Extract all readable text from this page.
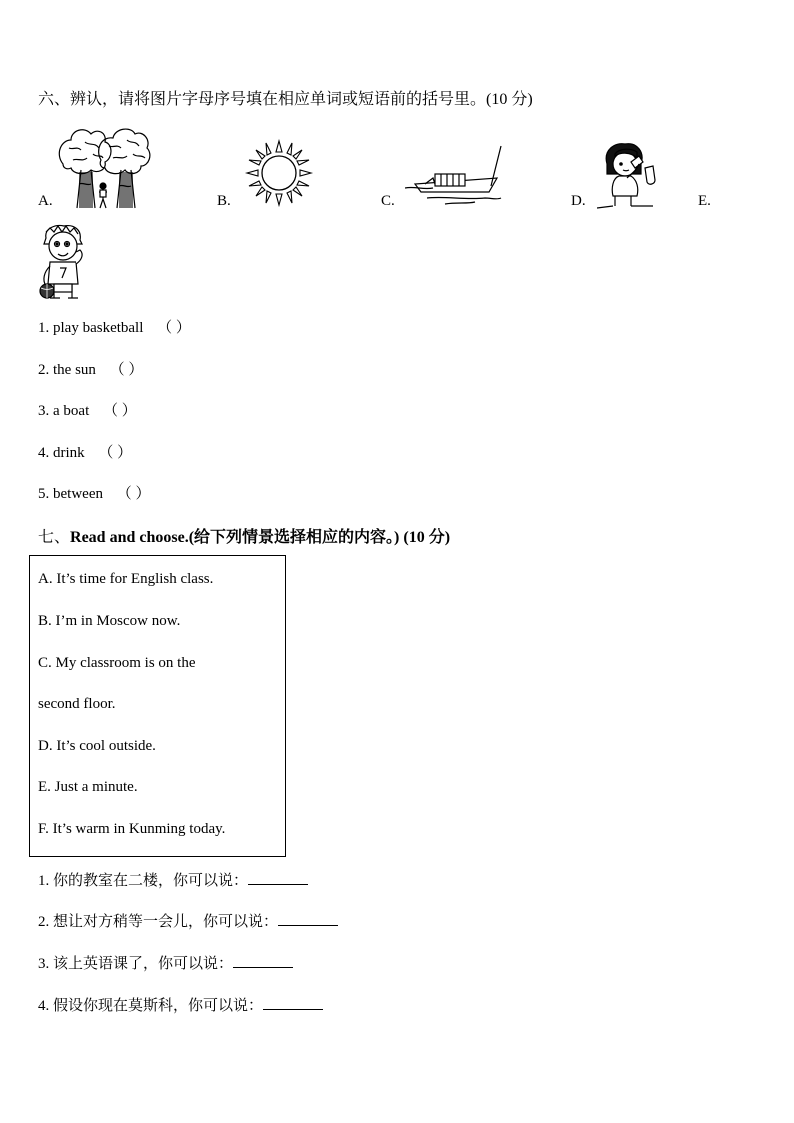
六、辨认，请将图片字母序号填在相应单词或短语前的括号里。(10 分)
A.	B.	C.	D.	E.
1. play basketball （ ）
2. the sun （ ）
3. a boat （ ）
4. drink （ ）
5. between （ ）
七、Read and choose.(给下列情景选择相应的内容。) (10 分)
A. It’s time for English class.
B. I’m in Moscow now.
C. My classroom is on the
second floor.
D. It’s cool outside.
E. Just a minute.
F. It’s warm in Kunming today.
1. 你的教室在二楼，你可以说：
2. 想让对方稍等一会儿，你可以说：
3. 该上英语课了，你可以说：
4. 假设你现在莫斯科，你可以说：
